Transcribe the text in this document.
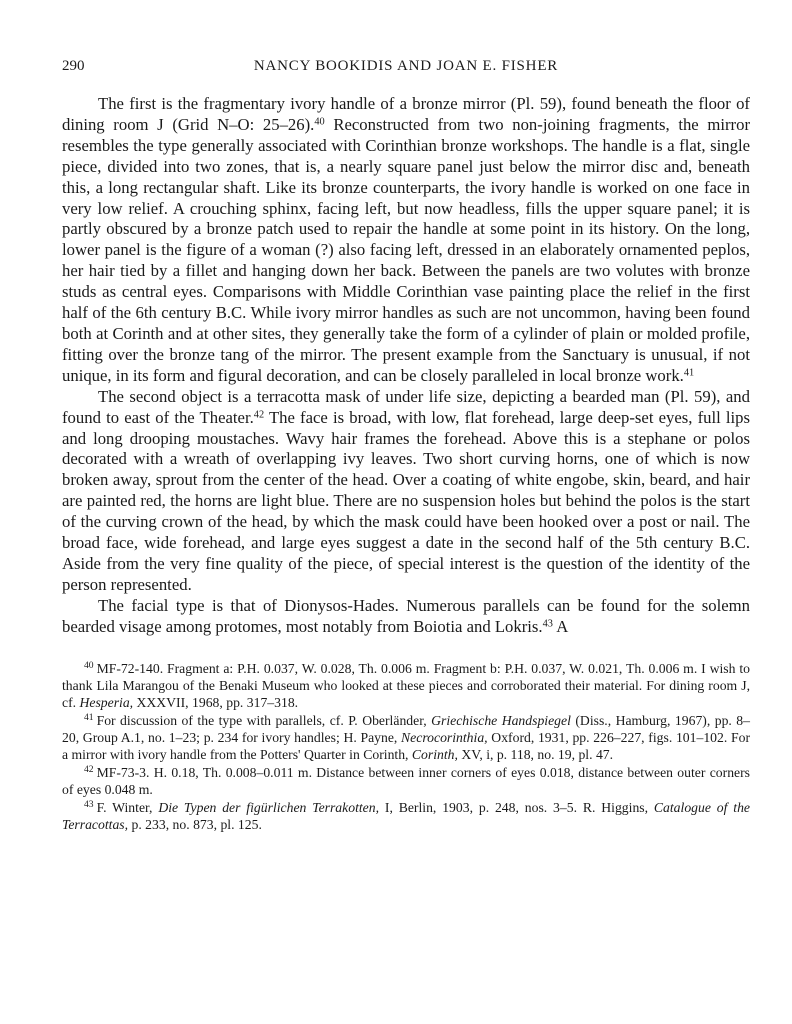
290	NANCY BOOKIDIS AND JOAN E. FISHER

The first is the fragmentary ivory handle of a bronze mirror (Pl. 59), found beneath the floor of dining room J (Grid N–O: 25–26).$^{40}$ Reconstructed from two non-joining fragments, the mirror resembles the type generally associated with Corinthian bronze workshops. The handle is a flat, single piece, divided into two zones, that is, a nearly square panel just below the mirror disc and, beneath this, a long rectangular shaft. Like its bronze counterparts, the ivory handle is worked on one face in very low relief. A crouching sphinx, facing left, but now headless, fills the upper square panel; it is partly obscured by a bronze patch used to repair the handle at some point in its history. On the long, lower panel is the figure of a woman (?) also facing left, dressed in an elaborately ornamented peplos, her hair tied by a fillet and hanging down her back. Between the panels are two volutes with bronze studs as central eyes. Comparisons with Middle Corinthian vase painting place the relief in the first half of the 6th century B.C. While ivory mirror handles as such are not uncommon, having been found both at Corinth and at other sites, they generally take the form of a cylinder of plain or molded profile, fitting over the bronze tang of the mirror. The present example from the Sanctuary is unusual, if not unique, in its form and figural decoration, and can be closely paralleled in local bronze work.$^{41}$

The second object is a terracotta mask of under life size, depicting a bearded man (Pl. 59), and found to east of the Theater.$^{42}$ The face is broad, with low, flat forehead, large deep-set eyes, full lips and long drooping moustaches. Wavy hair frames the forehead. Above this is a stephane or polos decorated with a wreath of overlapping ivy leaves. Two short curving horns, one of which is now broken away, sprout from the center of the head. Over a coating of white engobe, skin, beard, and hair are painted red, the horns are light blue. There are no suspension holes but behind the polos is the start of the curving crown of the head, by which the mask could have been hooked over a post or nail. The broad face, wide forehead, and large eyes suggest a date in the second half of the 5th century B.C. Aside from the very fine quality of the piece, of special interest is the question of the identity of the person represented.

The facial type is that of Dionysos-Hades. Numerous parallels can be found for the solemn bearded visage among protomes, most notably from Boiotia and Lokris.$^{43}$ A

$^{40}$ MF-72-140. Fragment a: P.H. 0.037, W. 0.028, Th. 0.006 m. Fragment b: P.H. 0.037, W. 0.021, Th. 0.006 m. I wish to thank Lila Marangou of the Benaki Museum who looked at these pieces and corroborated their material. For dining room J, cf. Hesperia, XXXVII, 1968, pp. 317–318.

$^{41}$ For discussion of the type with parallels, cf. P. Oberländer, Griechische Handspiegel (Diss., Hamburg, 1967), pp. 8–20, Group A.1, no. 1–23; p. 234 for ivory handles; H. Payne, Necrocorinthia, Oxford, 1931, pp. 226–227, figs. 101–102. For a mirror with ivory handle from the Potters' Quarter in Corinth, Corinth, XV, i, p. 118, no. 19, pl. 47.

$^{42}$ MF-73-3. H. 0.18, Th. 0.008–0.011 m. Distance between inner corners of eyes 0.018, distance between outer corners of eyes 0.048 m.

$^{43}$ F. Winter, Die Typen der figürlichen Terrakotten, I, Berlin, 1903, p. 248, nos. 3–5. R. Higgins, Catalogue of the Terracottas, p. 233, no. 873, pl. 125.
